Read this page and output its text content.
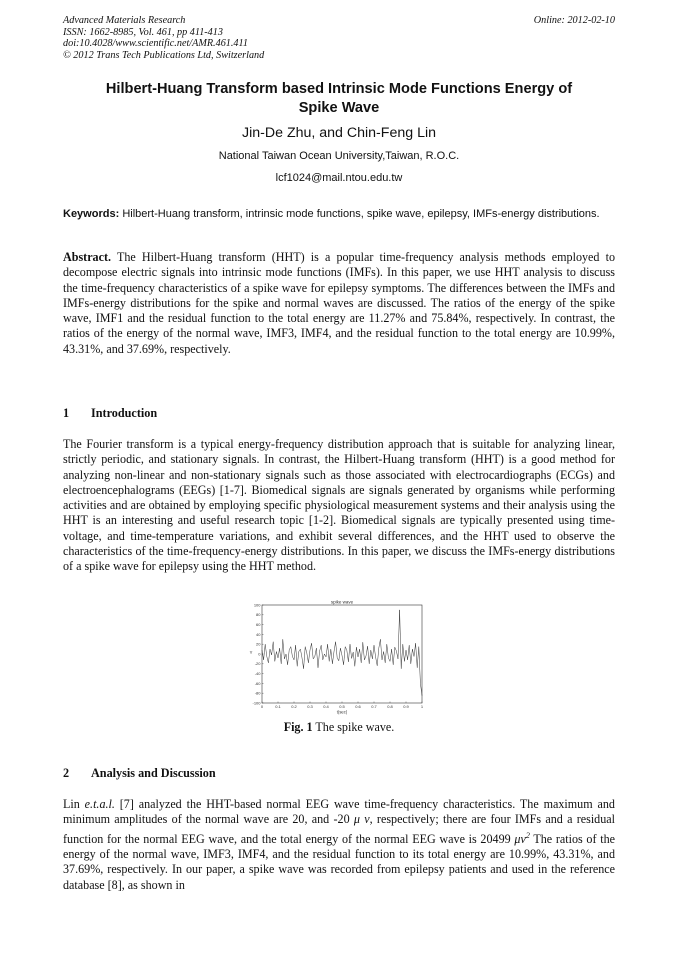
Advanced Materials Research
ISSN: 1662-8985, Vol. 461, pp 411-413
doi:10.4028/www.scientific.net/AMR.461.411
© 2012 Trans Tech Publications Ltd, Switzerland
Online: 2012-02-10
Hilbert-Huang Transform based Intrinsic Mode Functions Energy of
Spike Wave
Jin-De Zhu, and Chin-Feng Lin
National Taiwan Ocean University,Taiwan, R.O.C.
lcf1024@mail.ntou.edu.tw
Keywords: Hilbert-Huang transform, intrinsic mode functions, spike wave, epilepsy, IMFs-energy distributions.
Abstract. The Hilbert-Huang transform (HHT) is a popular time-frequency analysis methods employed to decompose electric signals into intrinsic mode functions (IMFs). In this paper, we use HHT analysis to discuss the time-frequency characteristics of a spike wave for epilepsy symptoms. The differences between the IMFs and IMFs-energy distributions for the spike and normal waves are discussed. The ratios of the energy of the spike wave, IMF1 and the residual function to the total energy are 11.27% and 75.84%, respectively. In contrast, the ratios of the energy of the normal wave, IMF3, IMF4, and the residual function to the total energy are 10.99%, 43.31%, and 37.69%, respectively.
1 Introduction
The Fourier transform is a typical energy-frequency distribution approach that is suitable for analyzing linear, strictly periodic, and stationary signals. In contrast, the Hilbert-Huang transform (HHT) is a good method for analyzing non-linear and non-stationary signals such as those associated with electrocardiographs (ECGs) and electroencephalograms (EEGs) [1-7]. Biomedical signals are signals generated by organisms while performing activities and are obtained by employing specific physiological measurement systems and their analysis using the HHT is an interesting and useful research topic [1-2]. Biomedical signals are typically presented using time-voltage, and time-temperature variations, and exhibit several differences, and the HHT used to observe the characteristics of the time-frequency-energy distributions. In this paper, we discuss the IMFs-energy distributions of a spike wave for epilepsy using the HHT method.
spike wave
0	0.1	0.2	0.3	0.4	0.5	0.6	0.7	0.8	0.9	1
100
80
60
40
20
0
-20
-40
-60
-80
-100
t(sec)
Y
Fig. 1 The spike wave.
2 Analysis and Discussion
Lin e.t.a.l. [7] analyzed the HHT-based normal EEG wave time-frequency characteristics. The maximum and minimum amplitudes of the normal wave are 20, and -20 μ v, respectively; there are four IMFs and a residual function for the normal EEG wave, and the total energy of the normal EEG wave is 20499 $\mu v^2$ The ratios of the energy of the normal wave, IMF3, IMF4, and the residual function to its total energy are 10.99%, 43.31%, and 37.69%, respectively. In our paper, a spike wave was recorded from epilepsy patients and used in the reference database [8], as shown in
